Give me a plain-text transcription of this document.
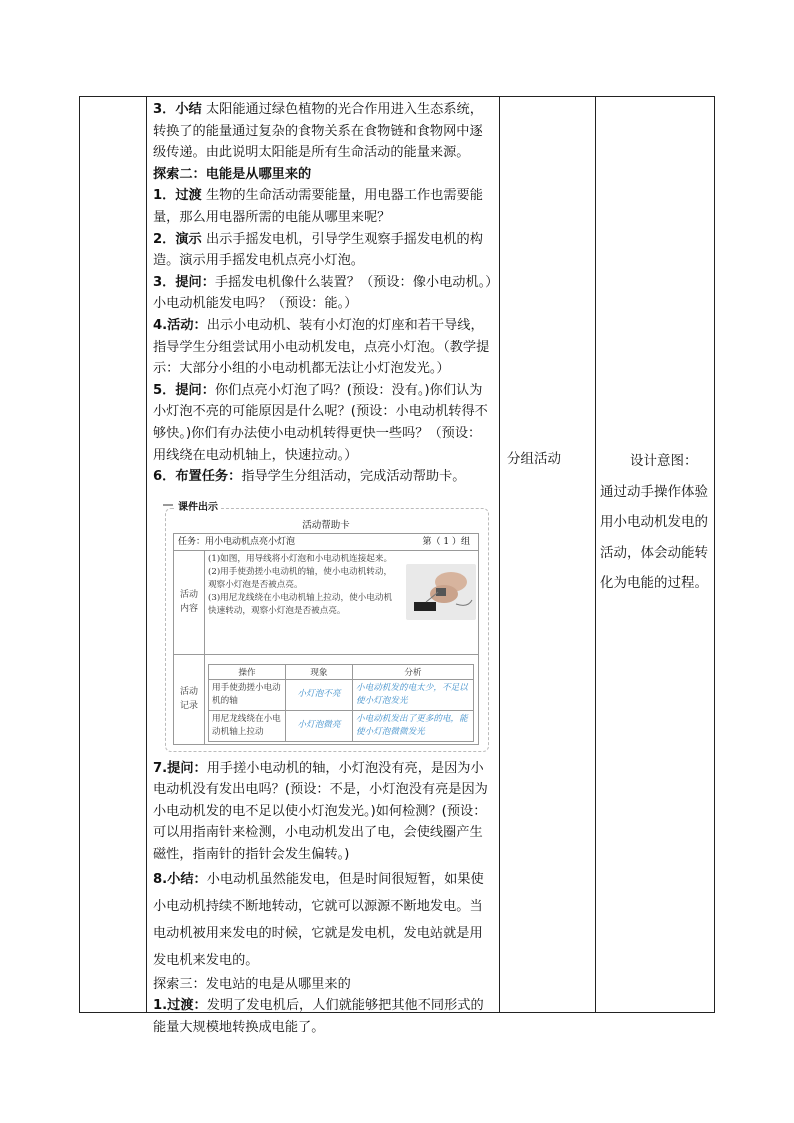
3．小结 太阳能通过绿色植物的光合作用进入生态系统，转换了的能量通过复杂的食物关系在食物链和食物网中逐级传递。由此说明太阳能是所有生命活动的能量来源。

探索二：电能是从哪里来的

1．过渡 生物的生命活动需要能量，用电器工作也需要能量，那么用电器所需的电能从哪里来呢？

2．演示 出示手摇发电机，引导学生观察手摇发电机的构造。演示用手摇发电机点亮小灯泡。

3．提问：手摇发电机像什么装置？（预设：像小电动机。）小电动机能发电吗？（预设：能。）

4.活动：出示小电动机、装有小灯泡的灯座和若干导线，指导学生分组尝试用小电动机发电，点亮小灯泡。（教学提示：大部分小组的小电动机都无法让小灯泡发光。）

5．提问：你们点亮小灯泡了吗？(预设：没有。)你们认为小灯泡不亮的可能原因是什么呢？(预设：小电动机转得不够快。)你们有办法使小电动机转得更快一些吗？（预设：用线绕在电动机轴上，快速拉动。）

6．布置任务：指导学生分组活动，完成活动帮助卡。

课件出示
活动帮助卡
任务：用小电动机点亮小灯泡	第（ 1 ）组
活动内容
(1)如图，用导线将小灯泡和小电动机连接起来。
(2)用手使劲搓小电动机的轴，使小电动机转动，观察小灯泡是否被点亮。
(3)用尼龙线绕在小电动机轴上拉动，使小电动机快速转动，观察小灯泡是否被点亮。
活动记录
操作	现象	分析
用手使劲搓小电动机的轴	小灯泡不亮	小电动机发的电太少，不足以使小灯泡发光
用尼龙线绕在小电动机轴上拉动	小灯泡微亮	小电动机发出了更多的电，能使小灯泡微微发光

7.提问：用手搓小电动机的轴，小灯泡没有亮，是因为小电动机没有发出电吗？(预设：不是，小灯泡没有亮是因为小电动机发的电不足以使小灯泡发光。)如何检测？(预设：可以用指南针来检测，小电动机发出了电，会使线圈产生磁性，指南针的指针会发生偏转。)

8.小结：小电动机虽然能发电，但是时间很短暂，如果使小电动机持续不断地转动，它就可以源源不断地发电。当电动机被用来发电的时候，它就是发电机，发电站就是用发电机来发电的。

探索三：发电站的电是从哪里来的

1.过渡：发明了发电机后，人们就能够把其他不同形式的能量大规模地转换成电能了。

分组活动	设计意图：
通过动手操作体验用小电动机发电的活动，体会动能转化为电能的过程。
